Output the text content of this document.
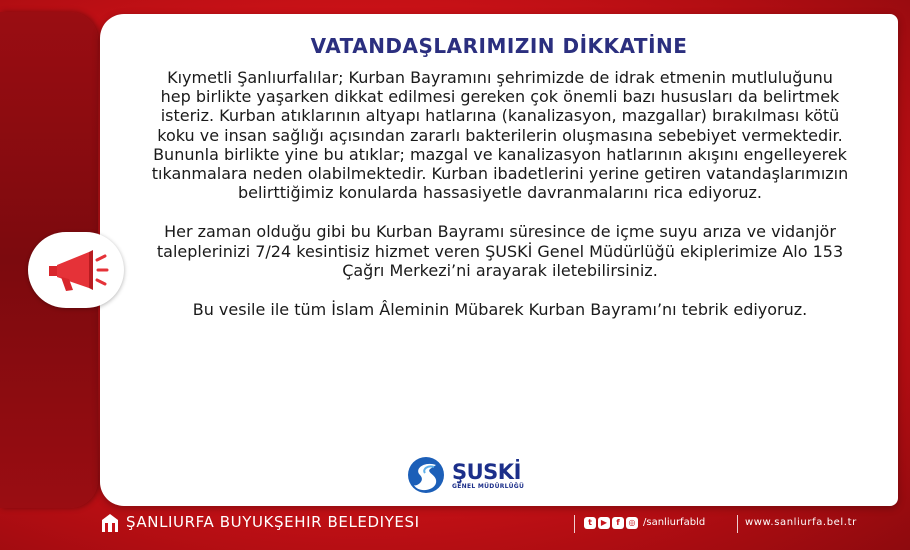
VATANDAŞLARIMIZIN DİKKATİNE

Kıymetli Şanlıurfalılar; Kurban Bayramını şehrimizde de idrak etmenin mutluluğunu hep birlikte yaşarken dikkat edilmesi gereken çok önemli bazı hususları da belirtmek isteriz. Kurban atıklarının altyapı hatlarına (kanalizasyon, mazgallar) bırakılması kötü koku ve insan sağlığı açısından zararlı bakterilerin oluşmasına sebebiyet vermektedir. Bununla birlikte yine bu atıklar; mazgal ve kanalizasyon hatlarının akışını engelleyerek tıkanmalara neden olabilmektedir. Kurban ibadetlerini yerine getiren vatandaşlarımızın belirttiğimiz konularda hassasiyetle davranmalarını rica ediyoruz.

Her zaman olduğu gibi bu Kurban Bayramı süresince de içme suyu arıza ve vidanjör taleplerinizi 7/24 kesintisiz hizmet veren ŞUSKİ Genel Müdürlüğü ekiplerimize Alo 153 Çağrı Merkezi’ni arayarak iletebilirsiniz.

Bu vesile ile tüm İslam Âleminin Mübarek Kurban Bayramı’nı tebrik ediyoruz.

ŞUSKİ
GENEL MÜDÜRLÜĞÜ
ŞANLIURFA BUYUKŞEHIR BELEDIYESI	t	▶	f	◎ /sanliurfabld	www.sanliurfa.bel.tr
